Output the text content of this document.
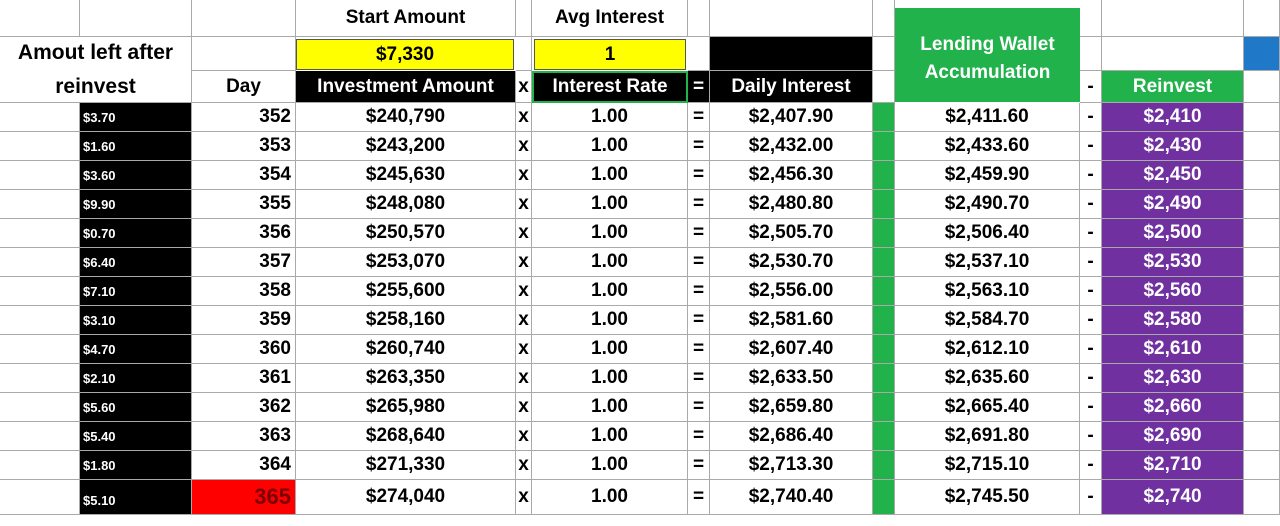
Start Amount	Avg Interest
Lending Wallet
Accumulation
Amout left after
reinvest
$7,330	1
Day	Investment Amount	x	Interest Rate	=	Daily Interest	-	Reinvest
$3.70	352	$240,790	x	1.00	=	$2,407.90	$2,411.60	-	$2,410
$1.60	353	$243,200	x	1.00	=	$2,432.00	$2,433.60	-	$2,430
$3.60	354	$245,630	x	1.00	=	$2,456.30	$2,459.90	-	$2,450
$9.90	355	$248,080	x	1.00	=	$2,480.80	$2,490.70	-	$2,490
$0.70	356	$250,570	x	1.00	=	$2,505.70	$2,506.40	-	$2,500
$6.40	357	$253,070	x	1.00	=	$2,530.70	$2,537.10	-	$2,530
$7.10	358	$255,600	x	1.00	=	$2,556.00	$2,563.10	-	$2,560
$3.10	359	$258,160	x	1.00	=	$2,581.60	$2,584.70	-	$2,580
$4.70	360	$260,740	x	1.00	=	$2,607.40	$2,612.10	-	$2,610
$2.10	361	$263,350	x	1.00	=	$2,633.50	$2,635.60	-	$2,630
$5.60	362	$265,980	x	1.00	=	$2,659.80	$2,665.40	-	$2,660
$5.40	363	$268,640	x	1.00	=	$2,686.40	$2,691.80	-	$2,690
$1.80	364	$271,330	x	1.00	=	$2,713.30	$2,715.10	-	$2,710
$5.10	365	$274,040	x	1.00	=	$2,740.40	$2,745.50	-	$2,740
